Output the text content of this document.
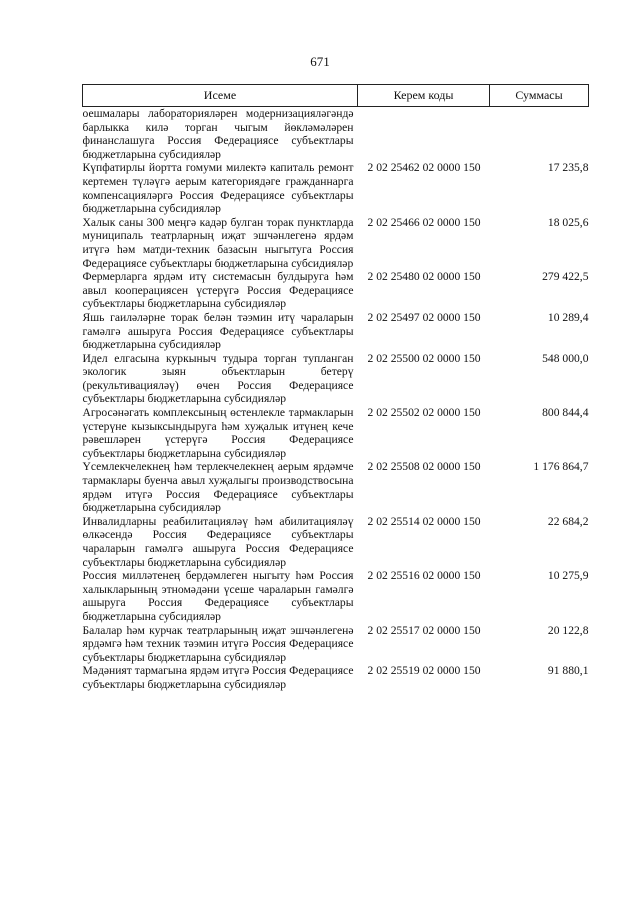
671
Исеме	Керем коды	Суммасы
оешмалары лабораторияләрен модернизацияләгәндә барлыкка килә торган чыгым йөкләмәләрен финанслашуга Россия Федерациясе субъектлары бюджетларына субсидияләр		
Күпфатирлы йортта гомуми милектә капиталь ремонт кертемен түләүгә аерым категориядәге гражданнарга компенсацияләргә Россия Федерациясе субъектлары бюджетларына субсидияләр	2 02 25462 02 0000 150	17 235,8
Халык саны 300 меңгә кадәр булган торак пунктларда муниципаль театрларның иҗат эшчәнлегенә ярдәм итүгә һәм матди-техник базасын ныгытуга Россия Федерациясе субъектлары бюджетларына субсидияләр	2 02 25466 02 0000 150	18 025,6
Фермерларга ярдәм итү системасын булдыруга һәм авыл кооперациясен үстерүгә Россия Федерациясе субъектлары бюджетларына субсидияләр	2 02 25480 02 0000 150	279 422,5
Яшь гаиләләрне торак белән тәэмин итү чараларын гамәлгә ашыруга Россия Федерациясе субъектлары бюджетларына субсидияләр	2 02 25497 02 0000 150	10 289,4
Идел елгасына куркыныч тудыра торган тупланган экологик зыян объектларын бетерү (рекультивацияләү) өчен Россия Федерациясе субъектлары бюджетларына субсидияләр	2 02 25500 02 0000 150	548 000,0
Агросәнәгать комплексының өстенлекле тармакларын үстерүне кызыксындыруга һәм хуҗалык итүнең кече рәвешләрен үстерүгә Россия Федерациясе субъектлары бюджетларына субсидияләр	2 02 25502 02 0000 150	800 844,4
Үсемлекчелекнең һәм терлекчелекнең аерым ярдәмче тармаклары буенча авыл хуҗалыгы производствосына ярдәм итүгә Россия Федерациясе субъектлары бюджетларына субсидияләр	2 02 25508 02 0000 150	1 176 864,7
Инвалидларны реабилитацияләү һәм абилитацияләү өлкәсендә Россия Федерациясе субъектлары чараларын гамәлгә ашыруга Россия Федерациясе субъектлары бюджетларына субсидияләр	2 02 25514 02 0000 150	22 684,2
Россия милләтенең бердәмлеген ныгыту һәм Россия халыкларының этномәдәни үсеше чараларын гамәлгә ашыруга Россия Федерациясе субъектлары бюджетларына субсидияләр	2 02 25516 02 0000 150	10 275,9
Балалар һәм курчак театрларының иҗат эшчәнлегенә ярдәмгә һәм техник тәэмин итүгә Россия Федерациясе субъектлары бюджетларына субсидияләр	2 02 25517 02 0000 150	20 122,8
Мәдәният тармагына ярдәм итүгә Россия Федерациясе субъектлары бюджетларына субсидияләр	2 02 25519 02 0000 150	91 880,1
